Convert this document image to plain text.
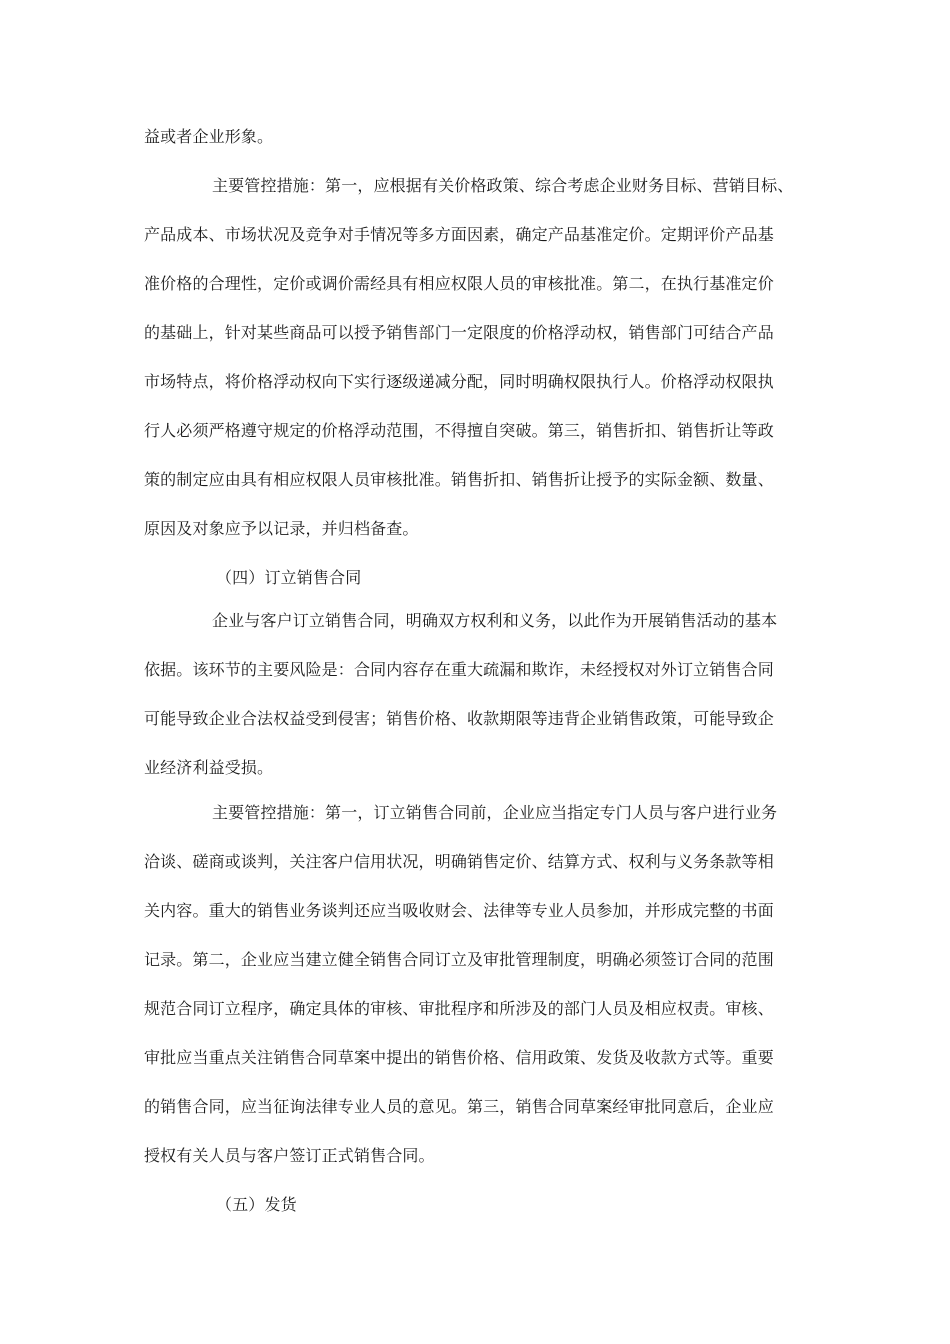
益或者企业形象。
主要管控措施：第一，应根据有关价格政策、综合考虑企业财务目标、营销目标、
产品成本、市场状况及竞争对手情况等多方面因素，确定产品基准定价。定期评价产品基
准价格的合理性，定价或调价需经具有相应权限人员的审核批准。第二，在执行基准定价
的基础上，针对某些商品可以授予销售部门一定限度的价格浮动权，销售部门可结合产品
市场特点，将价格浮动权向下实行逐级递减分配，同时明确权限执行人。价格浮动权限执
行人必须严格遵守规定的价格浮动范围，不得擅自突破。第三，销售折扣、销售折让等政
策的制定应由具有相应权限人员审核批准。销售折扣、销售折让授予的实际金额、数量、
原因及对象应予以记录，并归档备查。
（四）订立销售合同
企业与客户订立销售合同，明确双方权利和义务，以此作为开展销售活动的基本
依据。该环节的主要风险是：合同内容存在重大疏漏和欺诈，未经授权对外订立销售合同
可能导致企业合法权益受到侵害；销售价格、收款期限等违背企业销售政策，可能导致企
业经济利益受损。
主要管控措施：第一，订立销售合同前，企业应当指定专门人员与客户进行业务
洽谈、磋商或谈判，关注客户信用状况，明确销售定价、结算方式、权利与义务条款等相
关内容。重大的销售业务谈判还应当吸收财会、法律等专业人员参加，并形成完整的书面
记录。第二，企业应当建立健全销售合同订立及审批管理制度，明确必须签订合同的范围
规范合同订立程序，确定具体的审核、审批程序和所涉及的部门人员及相应权责。审核、
审批应当重点关注销售合同草案中提出的销售价格、信用政策、发货及收款方式等。重要
的销售合同，应当征询法律专业人员的意见。第三，销售合同草案经审批同意后，企业应
授权有关人员与客户签订正式销售合同。
（五）发货
